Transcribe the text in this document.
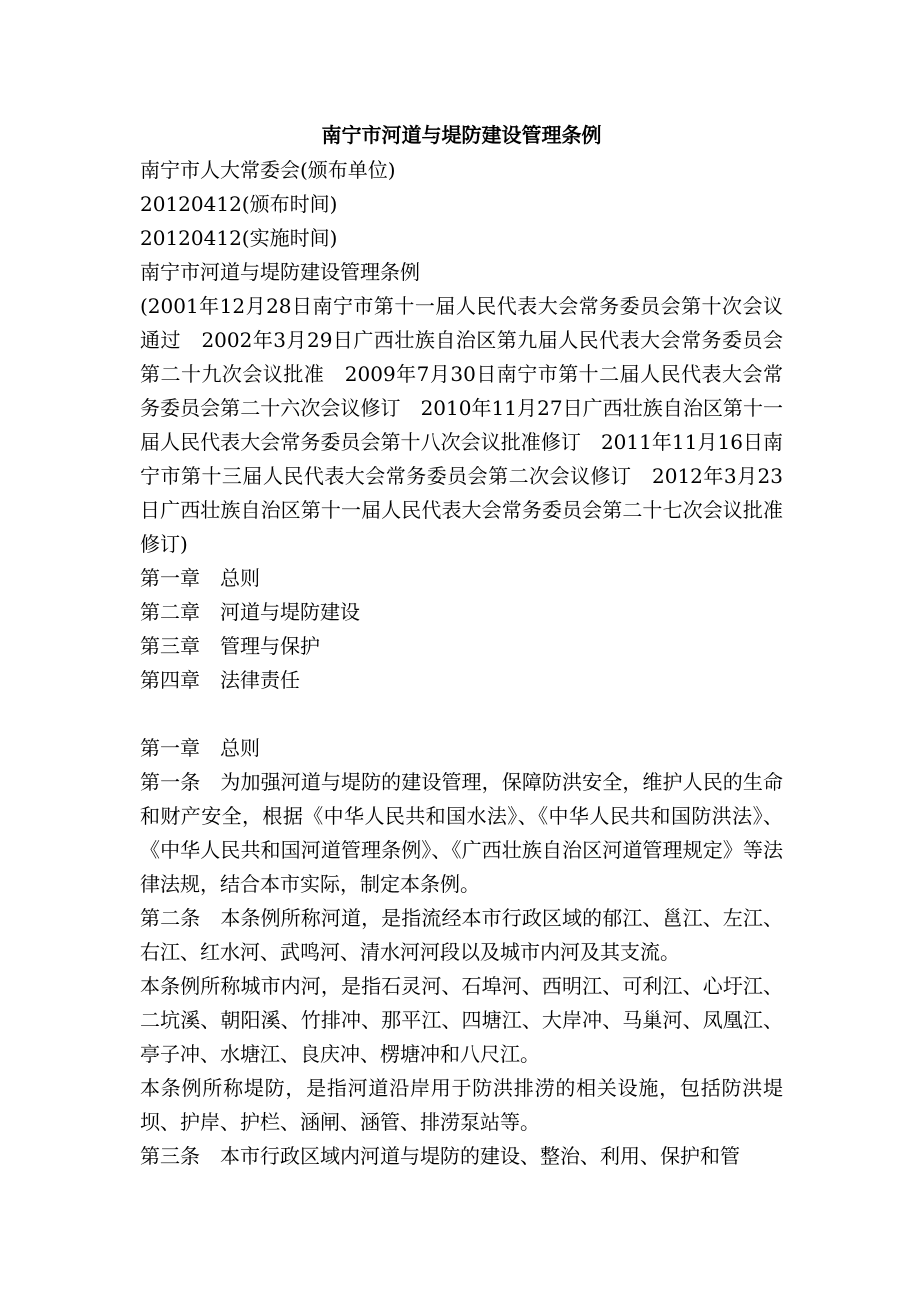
南宁市河道与堤防建设管理条例

南宁市人大常委会(颁布单位)

20120412(颁布时间)

20120412(实施时间)

南宁市河道与堤防建设管理条例

(2001年12月28日南宁市第十一届人民代表大会常务委员会第十次会议通过　2002年3月29日广西壮族自治区第九届人民代表大会常务委员会第二十九次会议批准　2009年7月30日南宁市第十二届人民代表大会常务委员会第二十六次会议修订　2010年11月27日广西壮族自治区第十一届人民代表大会常务委员会第十八次会议批准修订　2011年11月16日南宁市第十三届人民代表大会常务委员会第二次会议修订　2012年3月23日广西壮族自治区第十一届人民代表大会常务委员会第二十七次会议批准修订)

第一章　总则

第二章　河道与堤防建设

第三章　管理与保护

第四章　法律责任

第一章　总则

第一条　为加强河道与堤防的建设管理，保障防洪安全，维护人民的生命和财产安全，根据《中华人民共和国水法》、《中华人民共和国防洪法》、《中华人民共和国河道管理条例》、《广西壮族自治区河道管理规定》等法律法规，结合本市实际，制定本条例。

第二条　本条例所称河道，是指流经本市行政区域的郁江、邕江、左江、右江、红水河、武鸣河、清水河河段以及城市内河及其支流。

本条例所称城市内河，是指石灵河、石埠河、西明江、可利江、心圩江、二坑溪、朝阳溪、竹排冲、那平江、四塘江、大岸冲、马巢河、凤凰江、亭子冲、水塘江、良庆冲、楞塘冲和八尺江。

本条例所称堤防，是指河道沿岸用于防洪排涝的相关设施，包括防洪堤坝、护岸、护栏、涵闸、涵管、排涝泵站等。

第三条　本市行政区域内河道与堤防的建设、整治、利用、保护和管
